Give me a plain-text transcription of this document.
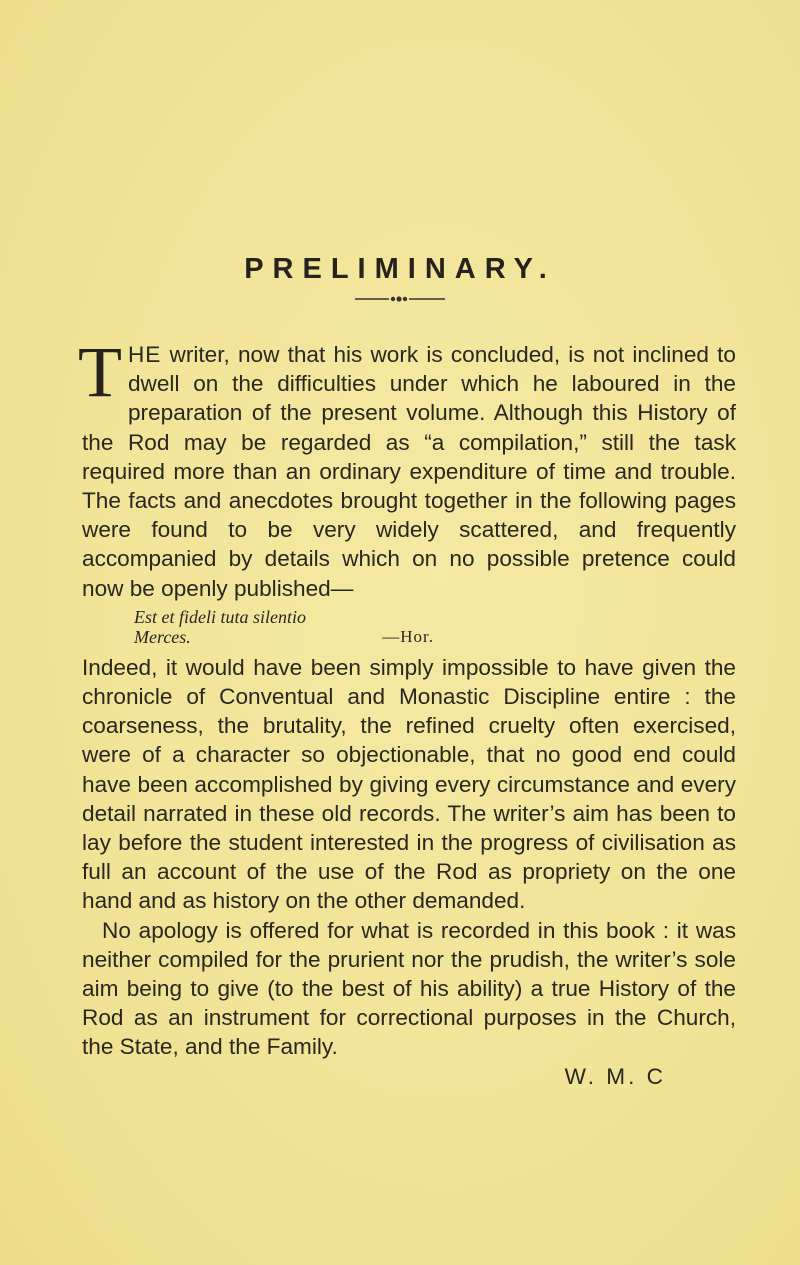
PRELIMINARY.

THE writer, now that his work is concluded, is not inclined to dwell on the difficulties under which he laboured in the preparation of the present volume. Although this History of the Rod may be regarded as “a compilation,” still the task required more than an ordinary expenditure of time and trouble. The facts and anecdotes brought together in the following pages were found to be very widely scattered, and frequently accompanied by details which on no possible pretence could now be openly published—

Est et fideli tuta silentio
Merces.	—Hor.

Indeed, it would have been simply impossible to have given the chronicle of Conventual and Monastic Discipline entire : the coarseness, the brutality, the refined cruelty often exercised, were of a character so objectionable, that no good end could have been accomplished by giving every circumstance and every detail narrated in these old records. The writer’s aim has been to lay before the student interested in the progress of civilisation as full an account of the use of the Rod as propriety on the one hand and as history on the other demanded.

No apology is offered for what is recorded in this book : it was neither compiled for the prurient nor the prudish, the writer’s sole aim being to give (to the best of his ability) a true History of the Rod as an instrument for correctional purposes in the Church, the State, and the Family.

W. M. C
